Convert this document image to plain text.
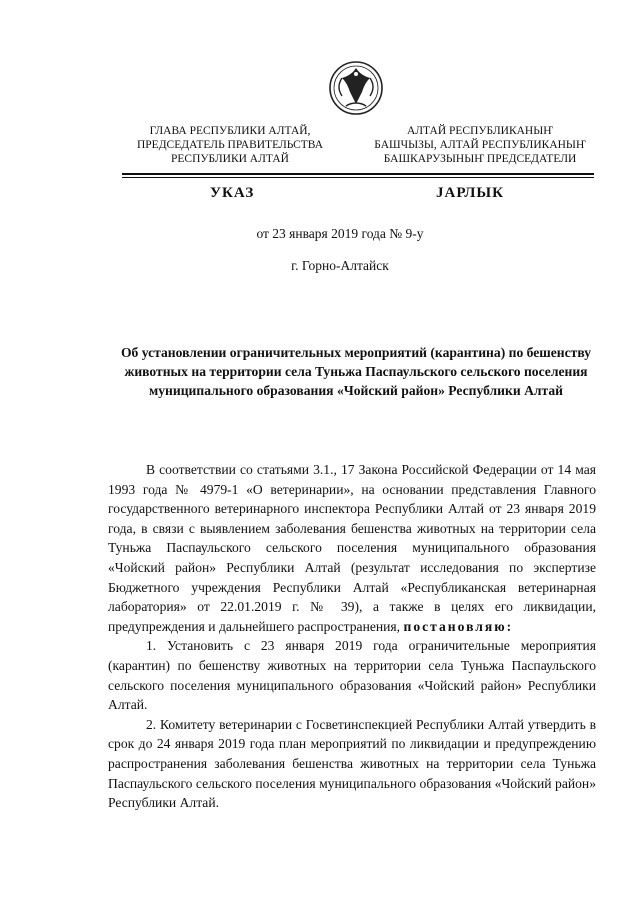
ГЛАВА РЕСПУБЛИКИ АЛТАЙ,
ПРЕДСЕДАТЕЛЬ ПРАВИТЕЛЬСТВА
РЕСПУБЛИКИ АЛТАЙ
АЛТАЙ РЕСПУБЛИКАНЫҤ
БАШЧЫЗЫ, АЛТАЙ РЕСПУБЛИКАНЫҤ
БАШКАРУЗЫНЫҤ ПРЕДСЕДАТЕЛИ
УКАЗ	ЈАРЛЫК
от 23 января 2019 года № 9-у
г. Горно-Алтайск
Об установлении ограничительных мероприятий (карантина) по бешенству животных на территории села Туньжа Паспаульского сельского поселения муниципального образования «Чойский район» Республики Алтай

В соответствии со статьями 3.1., 17 Закона Российской Федерации от 14 мая 1993 года № 4979-1 «О ветеринарии», на основании представления Главного государственного ветеринарного инспектора Республики Алтай от 23 января 2019 года, в связи с выявлением заболевания бешенства животных на территории села Туньжа Паспаульского сельского поселения муниципального образования «Чойский район» Республики Алтай (результат исследования по экспертизе Бюджетного учреждения Республики Алтай «Республиканская ветеринарная лаборатория» от 22.01.2019 г. № 39), а также в целях его ликвидации, предупреждения и дальнейшего распространения, постановляю:

1. Установить с 23 января 2019 года ограничительные мероприятия (карантин) по бешенству животных на территории села Туньжа Паспаульского сельского поселения муниципального образования «Чойский район» Республики Алтай.

2. Комитету ветеринарии с Госветинспекцией Республики Алтай утвердить в срок до 24 января 2019 года план мероприятий по ликвидации и предупреждению распространения заболевания бешенства животных на территории села Туньжа Паспаульского сельского поселения муниципального образования «Чойский район» Республики Алтай.
